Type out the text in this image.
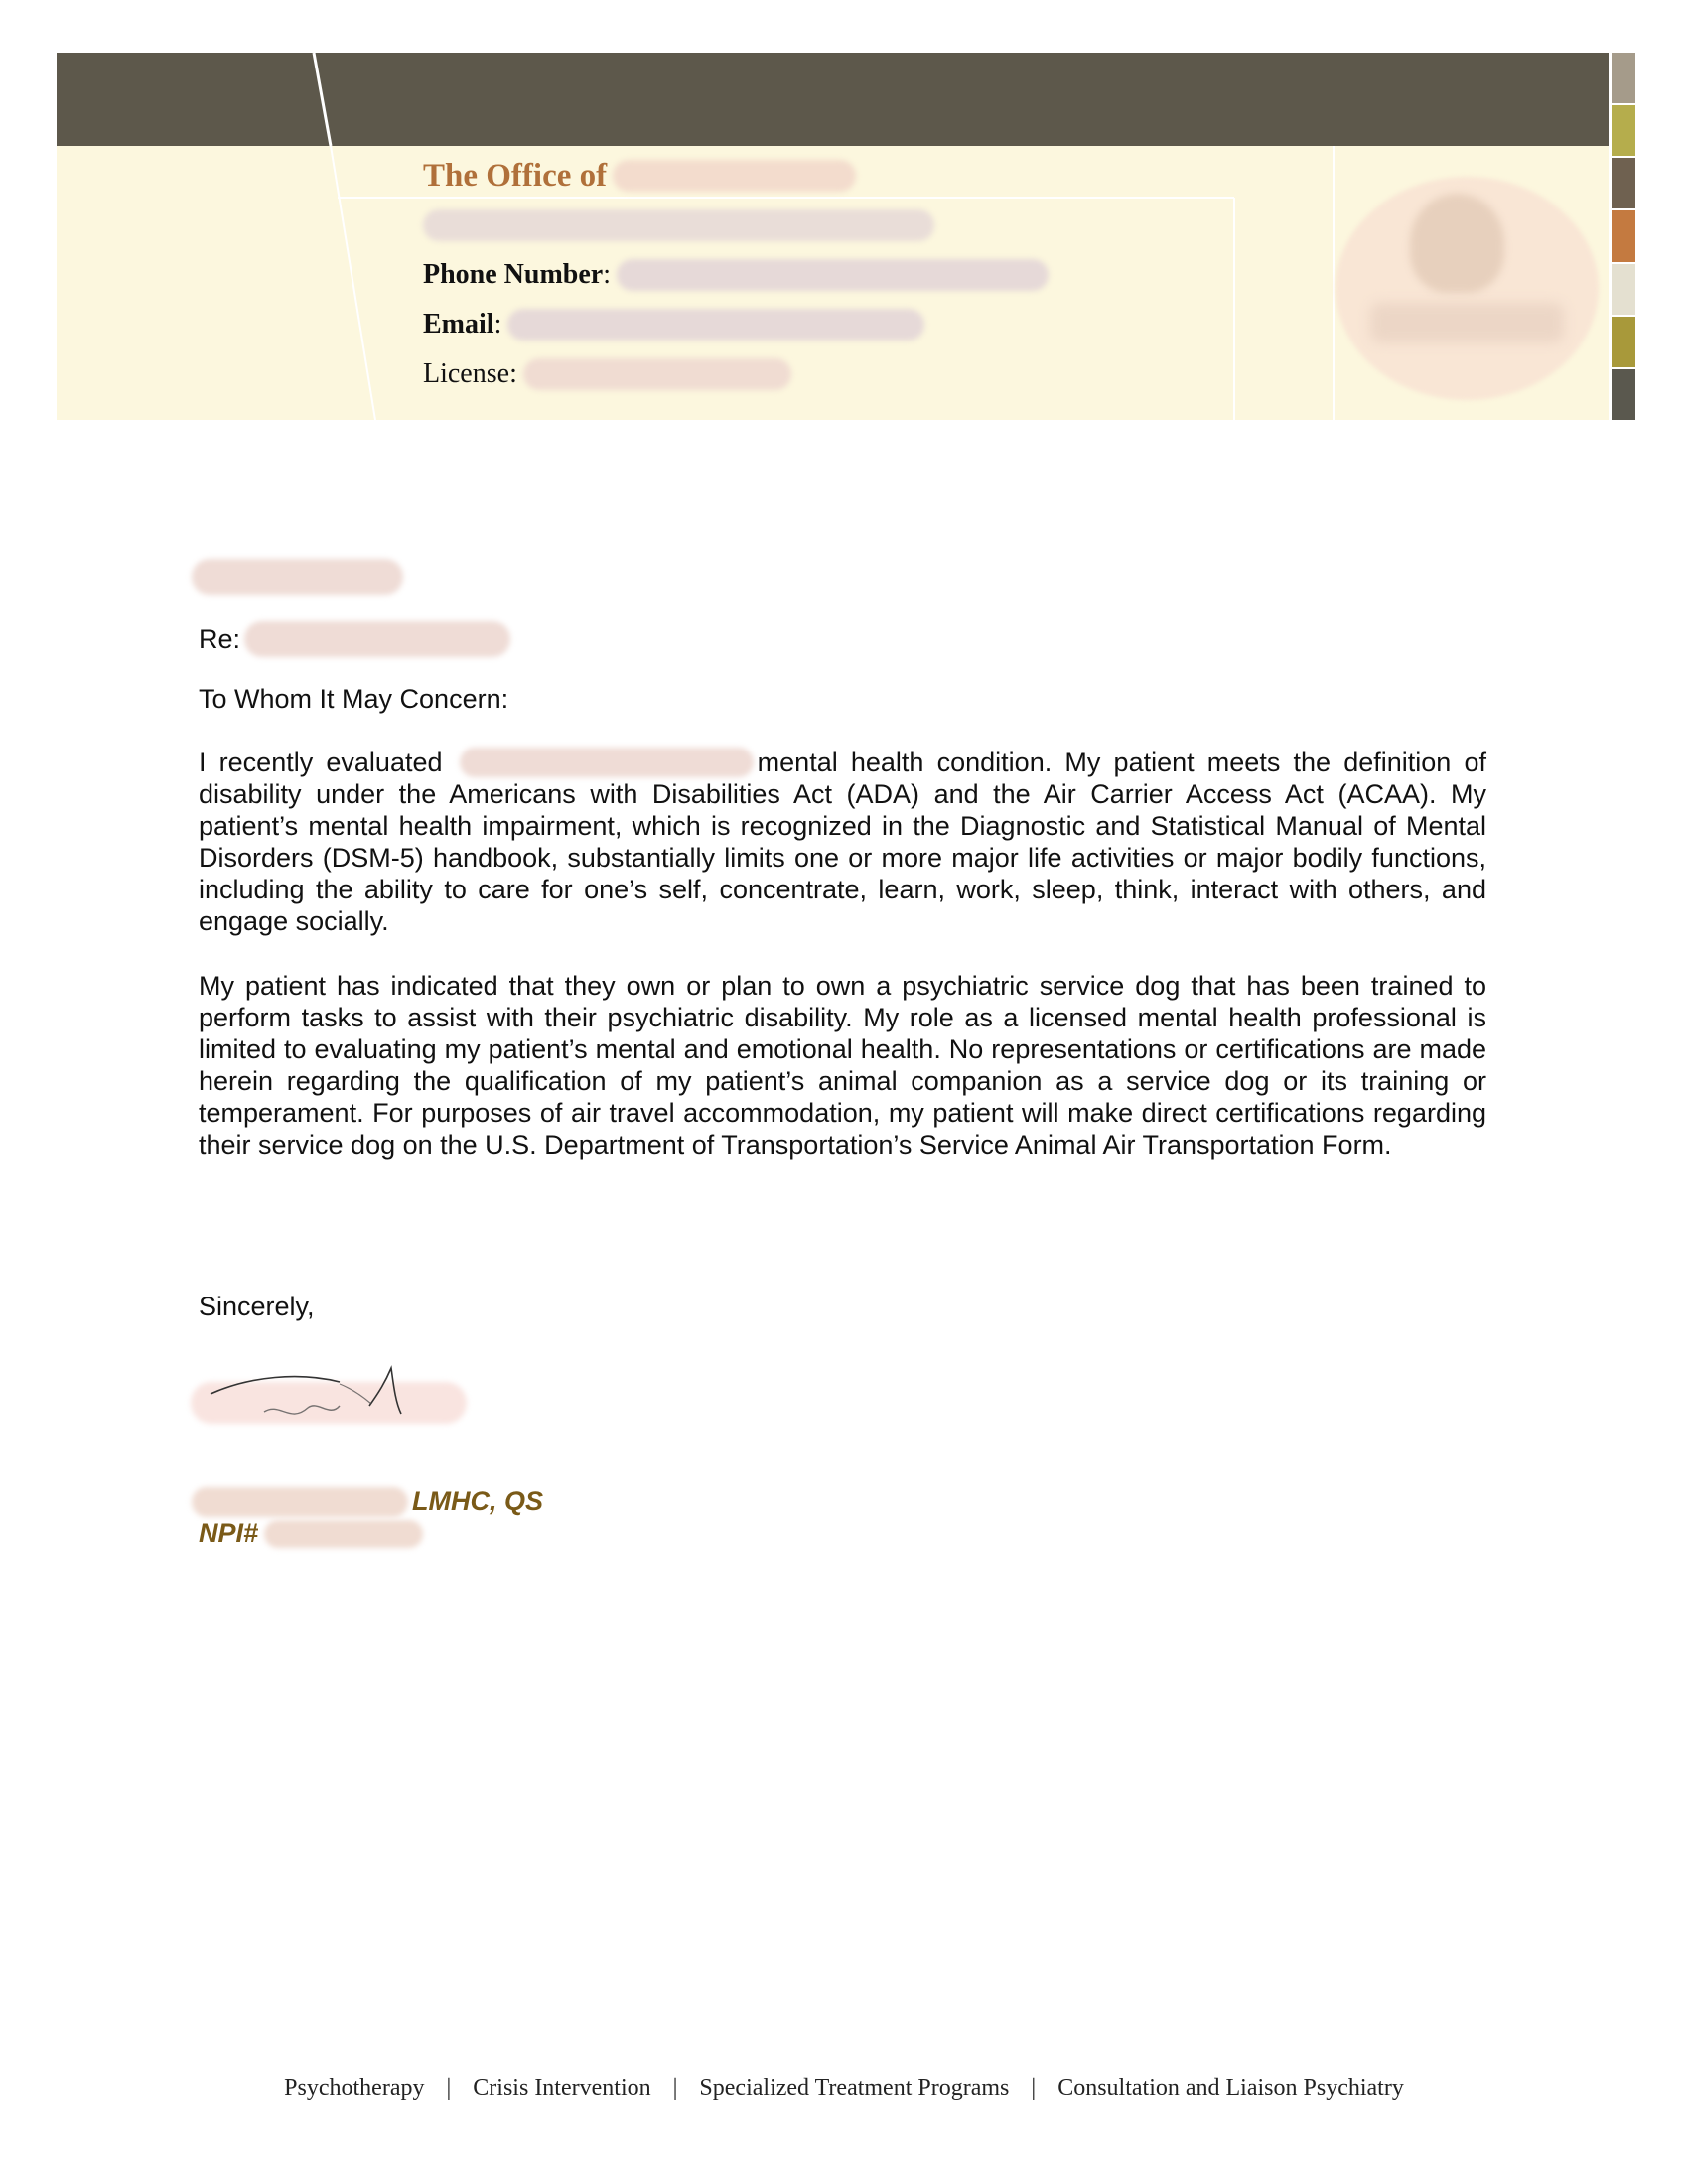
The Office of
Phone Number :
Email :
License:
Re:
To Whom It May Concern:

I recently evaluated	mental health condition. My patient meets the definition of disability under the Americans with Disabilities Act (ADA) and the Air Carrier Access Act (ACAA). My patient’s mental health impairment, which is recognized in the Diagnostic and Statistical Manual of Mental Disorders (DSM-5) handbook, substantially limits one or more major life activities or major bodily functions, including the ability to care for one’s self, concentrate, learn, work, sleep, think, interact with others, and engage socially.

My patient has indicated that they own or plan to own a psychiatric service dog that has been trained to perform tasks to assist with their psychiatric disability. My role as a licensed mental health professional is limited to evaluating my patient’s mental and emotional health. No representations or certifications are made herein regarding the qualification of my patient’s animal companion as a service dog or its training or temperament. For purposes of air travel accommodation, my patient will make direct certifications regarding their service dog on the U.S. Department of Transportation’s Service Animal Air Transportation Form.

Sincerely,
LMHC, QS
NPI#
Psychotherapy | Crisis Intervention | Specialized Treatment Programs | Consultation and Liaison Psychiatry
